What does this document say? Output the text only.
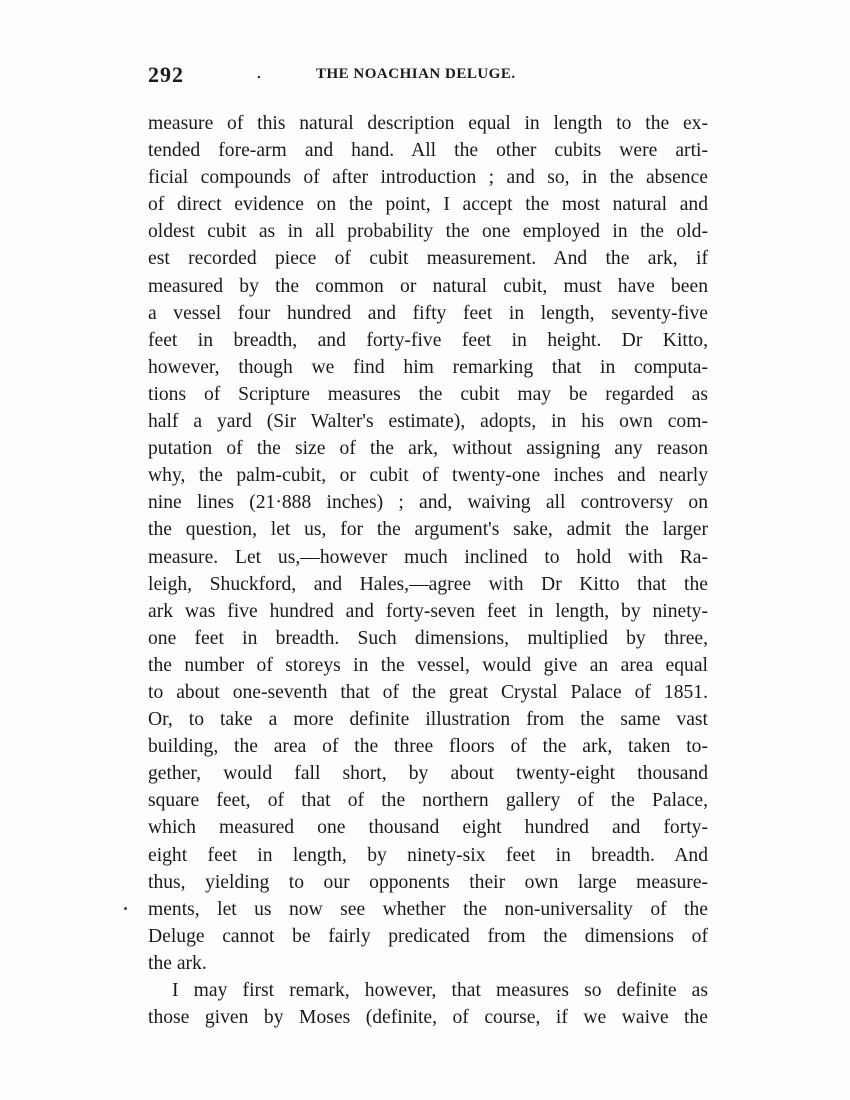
292	.	THE NOACHIAN DELUGE.
measure of this natural description equal in length to the ex-
tended fore-arm and hand. All the other cubits were arti-
ficial compounds of after introduction ; and so, in the absence
of direct evidence on the point, I accept the most natural and
oldest cubit as in all probability the one employed in the old-
est recorded piece of cubit measurement. And the ark, if
measured by the common or natural cubit, must have been
a vessel four hundred and fifty feet in length, seventy-five
feet in breadth, and forty-five feet in height. Dr Kitto,
however, though we find him remarking that in computa-
tions of Scripture measures the cubit may be regarded as
half a yard (Sir Walter's estimate), adopts, in his own com-
putation of the size of the ark, without assigning any reason
why, the palm-cubit, or cubit of twenty-one inches and nearly
nine lines (21·888 inches) ; and, waiving all controversy on
the question, let us, for the argument's sake, admit the larger
measure. Let us,—however much inclined to hold with Ra-
leigh, Shuckford, and Hales,—agree with Dr Kitto that the
ark was five hundred and forty-seven feet in length, by ninety-
one feet in breadth. Such dimensions, multiplied by three,
the number of storeys in the vessel, would give an area equal
to about one-seventh that of the great Crystal Palace of 1851.
Or, to take a more definite illustration from the same vast
building, the area of the three floors of the ark, taken to-
gether, would fall short, by about twenty-eight thousand
square feet, of that of the northern gallery of the Palace,
which measured one thousand eight hundred and forty-
eight feet in length, by ninety-six feet in breadth. And
thus, yielding to our opponents their own large measure-
ments, let us now see whether the non-universality of the
Deluge cannot be fairly predicated from the dimensions of
the ark.
I may first remark, however, that measures so definite as
those given by Moses (definite, of course, if we waive the
